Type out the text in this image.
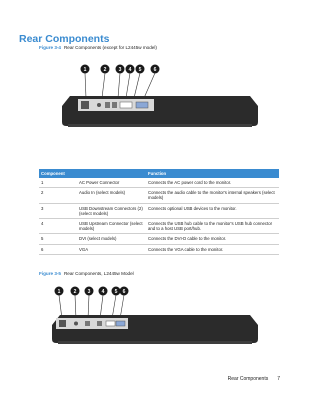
Rear Components
Figure 3-4 Rear Components (except for L2445w model)
1	2 3 4 5 6
Component		Function
1	AC Power Connector	Connects the AC power cord to the monitor.
2	Audio In (select models)	Connects the audio cable to the monitor's internal speakers (select models)
3	USB Downstream Connectors (2) (select models)	Connects optional USB devices to the monitor.
4	USB Upstream Connector (select models)	Connects the USB hub cable to the monitor's USB hub connector and to a host USB port/hub.
5	DVI (select models)	Connects the DVI-D cable to the monitor.
6	VGA	Connects the VGA cable to the monitor.
Figure 3-5 Rear Components, L2445w Model
1	2 3 4 5 6
Rear Components 7
